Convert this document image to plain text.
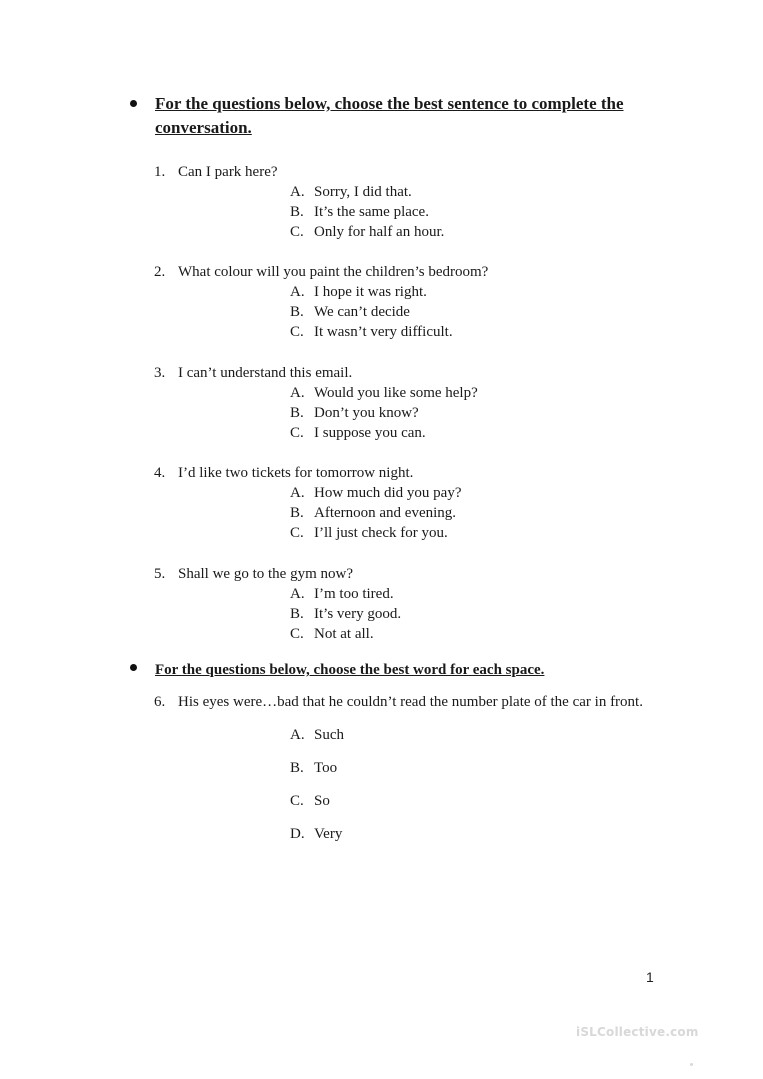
For the questions below, choose the best sentence to complete the conversation.
1. Can I park here?
A. Sorry, I did that.
B. It’s the same place.
C. Only for half an hour.
2. What colour will you paint the children’s bedroom?
A. I hope it was right.
B. We can’t decide
C. It wasn’t very difficult.
3. I can’t understand this email.
A. Would you like some help?
B. Don’t you know?
C. I suppose you can.
4. I’d like two tickets for tomorrow night.
A. How much did you pay?
B. Afternoon and evening.
C. I’ll just check for you.
5. Shall we go to the gym now?
A. I’m too tired.
B. It’s very good.
C. Not at all.
For the questions below, choose the best word for each space.
6. His eyes were…bad that he couldn’t read the number plate of the car in front.
A. Such
B. Too
C. So
D. Very
1
iSLCollective.com
